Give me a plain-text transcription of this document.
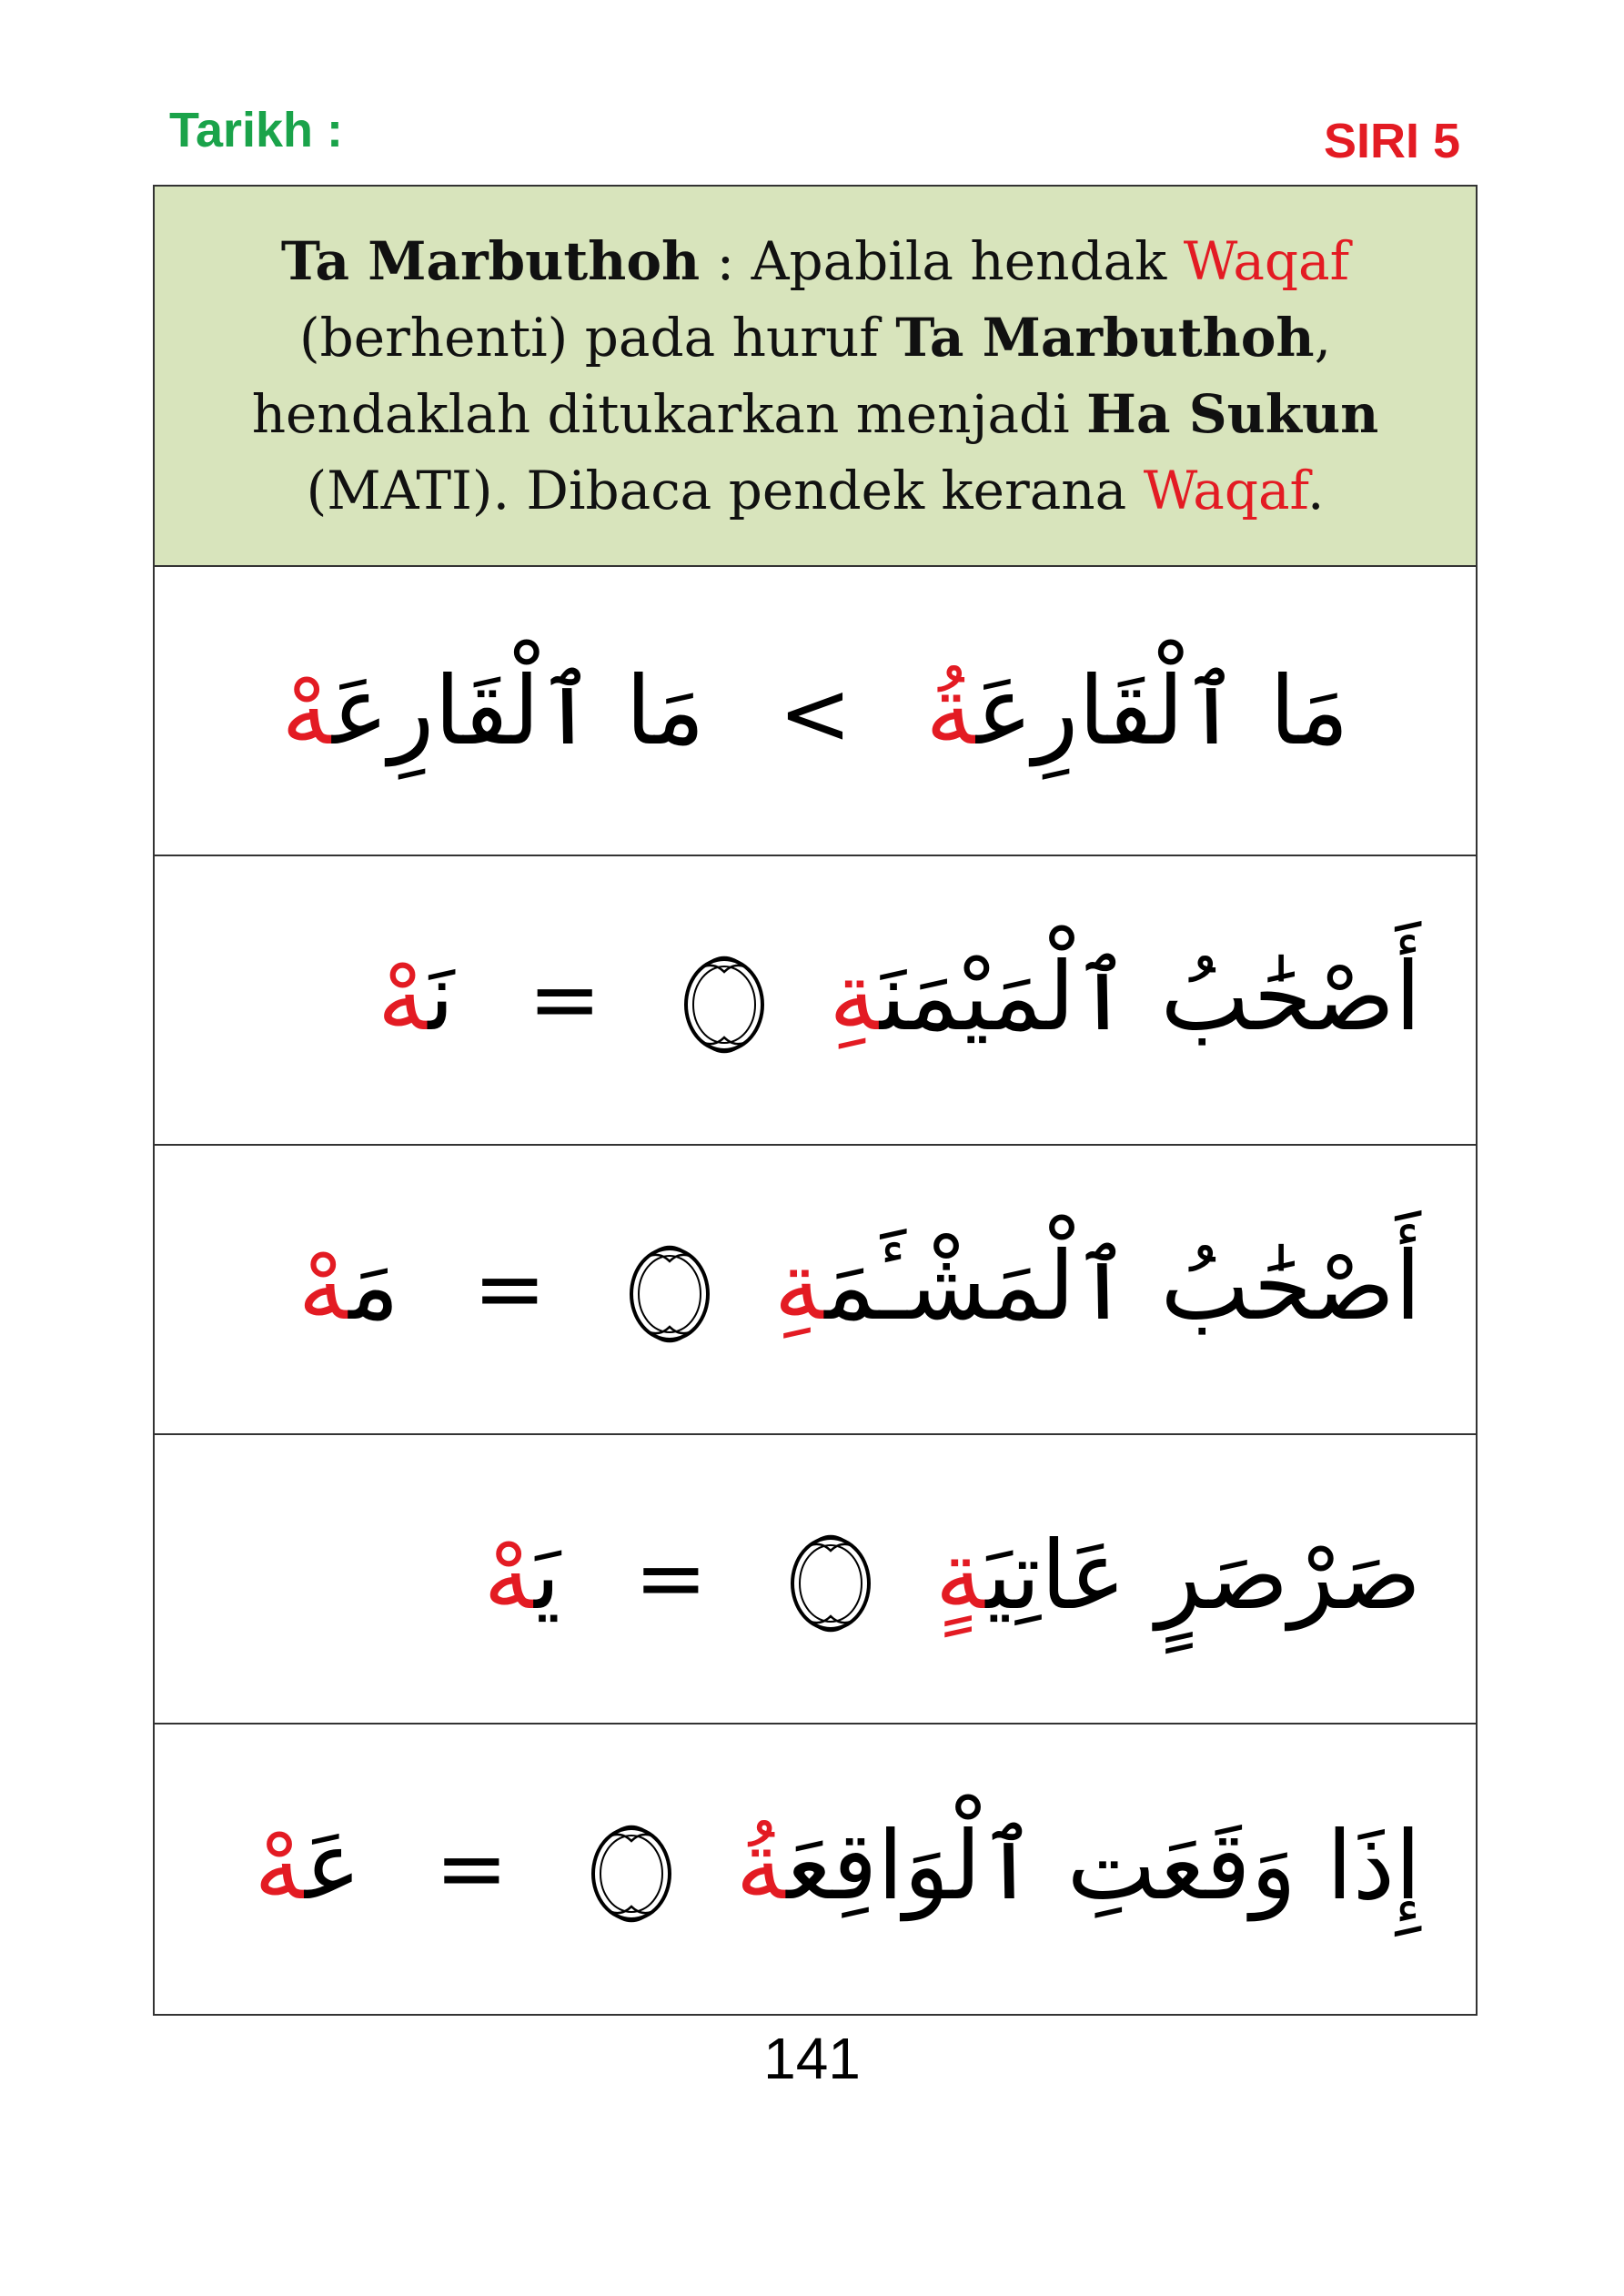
Tarikh :	SIRI 5
Ta Marbuthoh : Apabila hendak Waqaf (berhenti) pada huruf Ta Marbuthoh, hendaklah ditukarkan menjadi Ha Sukun (MATI). Dibaca pendek kerana Waqaf.
مَا ٱلْقَارِعَةُ > مَا ٱلْقَارِعَهْ
أَصْحَٰبُ ٱلْمَيْمَنَةِ  = نَهْ
أَصْحَٰبُ ٱلْمَشْـَٔمَةِ  = مَهْ
صَرْصَرٍ عَاتِيَةٍ  = يَهْ
إِذَا وَقَعَتِ ٱلْوَاقِعَةُ  = عَهْ
141
